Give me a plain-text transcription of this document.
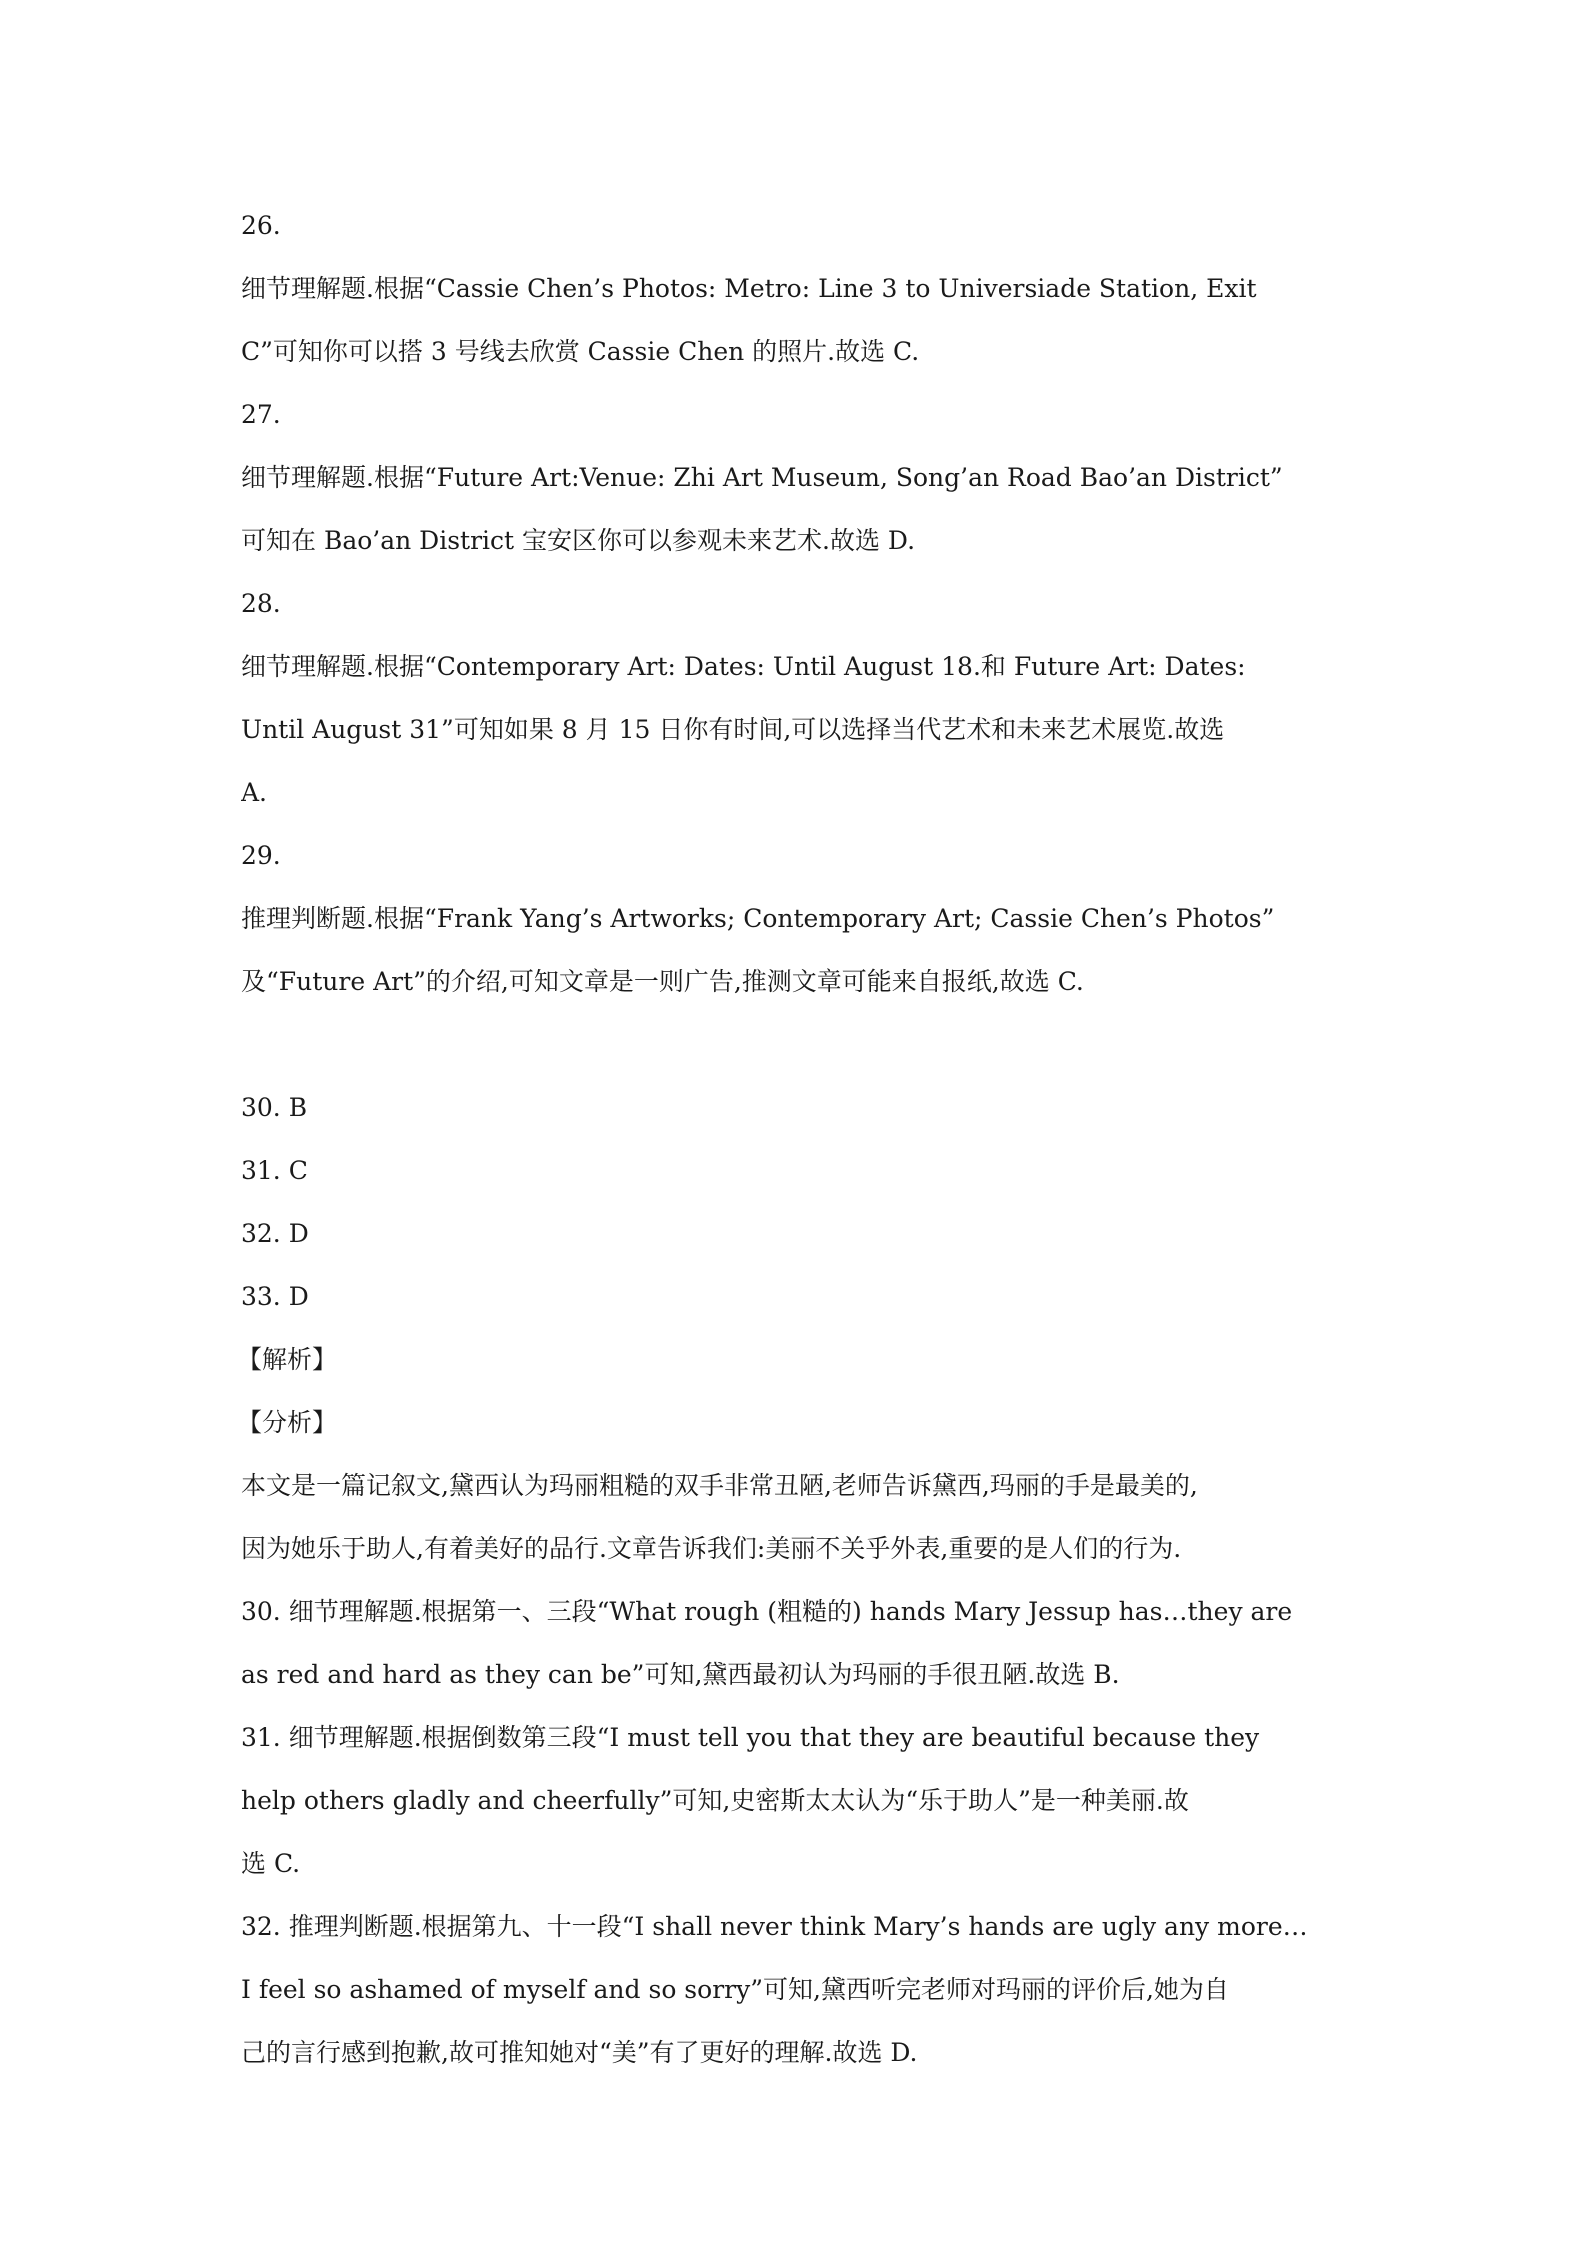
26.
细节理解题.根据“Cassie Chen’s Photos: Metro: Line 3 to Universiade Station, Exit
C”可知你可以搭 3 号线去欣赏 Cassie Chen 的照片.故选 C.
27.
细节理解题.根据“Future Art:Venue: Zhi Art Museum, Song’an Road Bao’an District”
可知在 Bao’an District 宝安区你可以参观未来艺术.故选 D.
28.
细节理解题.根据“Contemporary Art: Dates: Until August 18.和 Future Art: Dates:
Until August 31”可知如果 8 月 15 日你有时间,可以选择当代艺术和未来艺术展览.故选
A.
29.
推理判断题.根据“Frank Yang’s Artworks; Contemporary Art; Cassie Chen’s Photos”
及“Future Art”的介绍,可知文章是一则广告,推测文章可能来自报纸,故选 C.
30. B
31. C
32. D
33. D
【解析】
【分析】
本文是一篇记叙文,黛西认为玛丽粗糙的双手非常丑陋,老师告诉黛西,玛丽的手是最美的,
因为她乐于助人,有着美好的品行.文章告诉我们:美丽不关乎外表,重要的是人们的行为.
30. 细节理解题.根据第一、三段“What rough (粗糙的) hands Mary Jessup has…they are
as red and hard as they can be”可知,黛西最初认为玛丽的手很丑陋.故选 B.
31. 细节理解题.根据倒数第三段“I must tell you that they are beautiful because they
help others gladly and cheerfully”可知,史密斯太太认为“乐于助人”是一种美丽.故
选 C.
32. 推理判断题.根据第九、十一段“I shall never think Mary’s hands are ugly any more…
I feel so ashamed of myself and so sorry”可知,黛西听完老师对玛丽的评价后,她为自
己的言行感到抱歉,故可推知她对“美”有了更好的理解.故选 D.
